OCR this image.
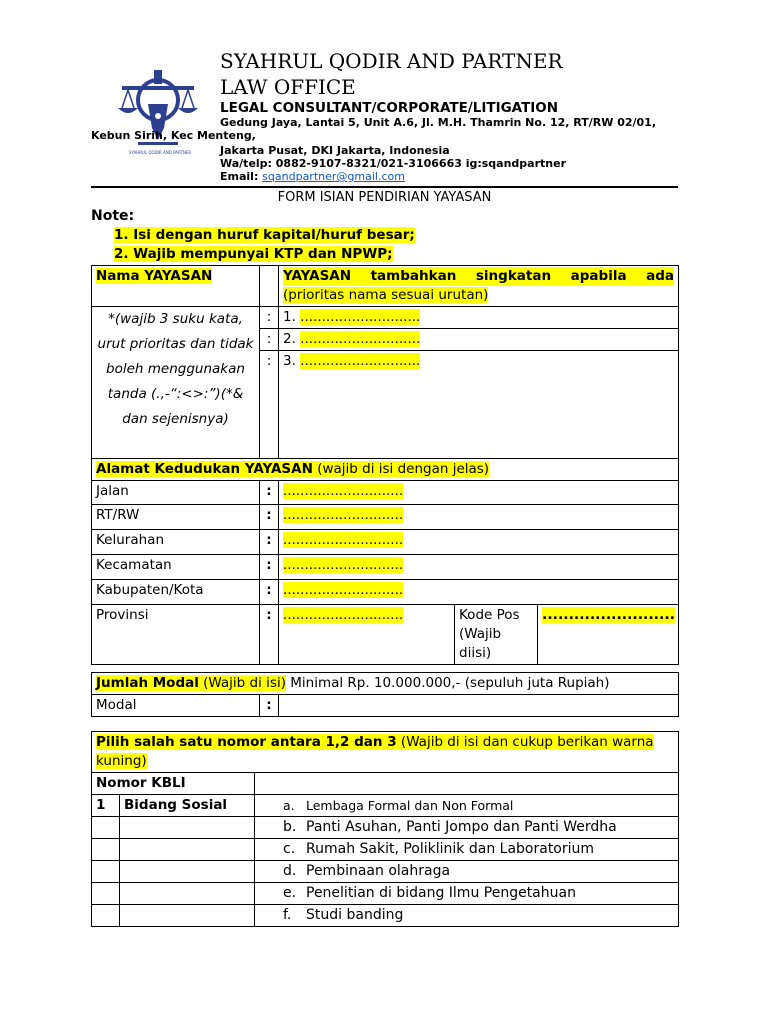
SYAHRUL QODIR AND PARTNER
SYAHRUL QODIR AND PARTNER
LAW OFFICE
LEGAL CONSULTANT/CORPORATE/LITIGATION
Gedung Jaya, Lantai 5, Unit A.6, Jl. M.H. Thamrin No. 12, RT/RW 02/01,
Kebun Sirih, Kec Menteng,
Jakarta Pusat, DKI Jakarta, Indonesia
Wa/telp: 0882-9107-8321/021-3106663 ig:sqandpartner
Email: sqandpartner@gmail.com
FORM ISIAN PENDIRIAN YAYASAN
Note:
1. Isi dengan huruf kapital/huruf besar;
2. Wajib mempunyai KTP dan NPWP;
Nama YAYASAN		YAYASAN tambahkan singkatan apabila ada (prioritas nama sesuai urutan)		
*(wajib 3 suku kata, urut prioritas dan tidak boleh menggunakan tanda (.,-“:<>:”)(*& dan sejenisnya)	:	1. ............................		
	:	2. ............................		
	:	3. ............................		
Alamat Kedudukan YAYASAN (wajib di isi dengan jelas)				
Jalan	:	............................		
RT/RW	:	............................		
Kelurahan	:	............................		
Kecamatan	:	............................		
Kabupaten/Kota	:	............................		
Provinsi	:	............................	Kode Pos (Wajib diisi)	.........................
Jumlah Modal (Wajib di isi) Minimal Rp. 10.000.000,- (sepuluh juta Rupiah)
Modal	:	
Pilih salah satu nomor antara 1,2 dan 3 (Wajib di isi dan cukup berikan warna kuning)		
Nomor KBLI		
1	Bidang Sosial	a. Lembaga Formal dan Non Formal
		b. Panti Asuhan, Panti Jompo dan Panti Werdha
		c. Rumah Sakit, Poliklinik dan Laboratorium
		d. Pembinaan olahraga
		e. Penelitian di bidang Ilmu Pengetahuan
		f. Studi banding
